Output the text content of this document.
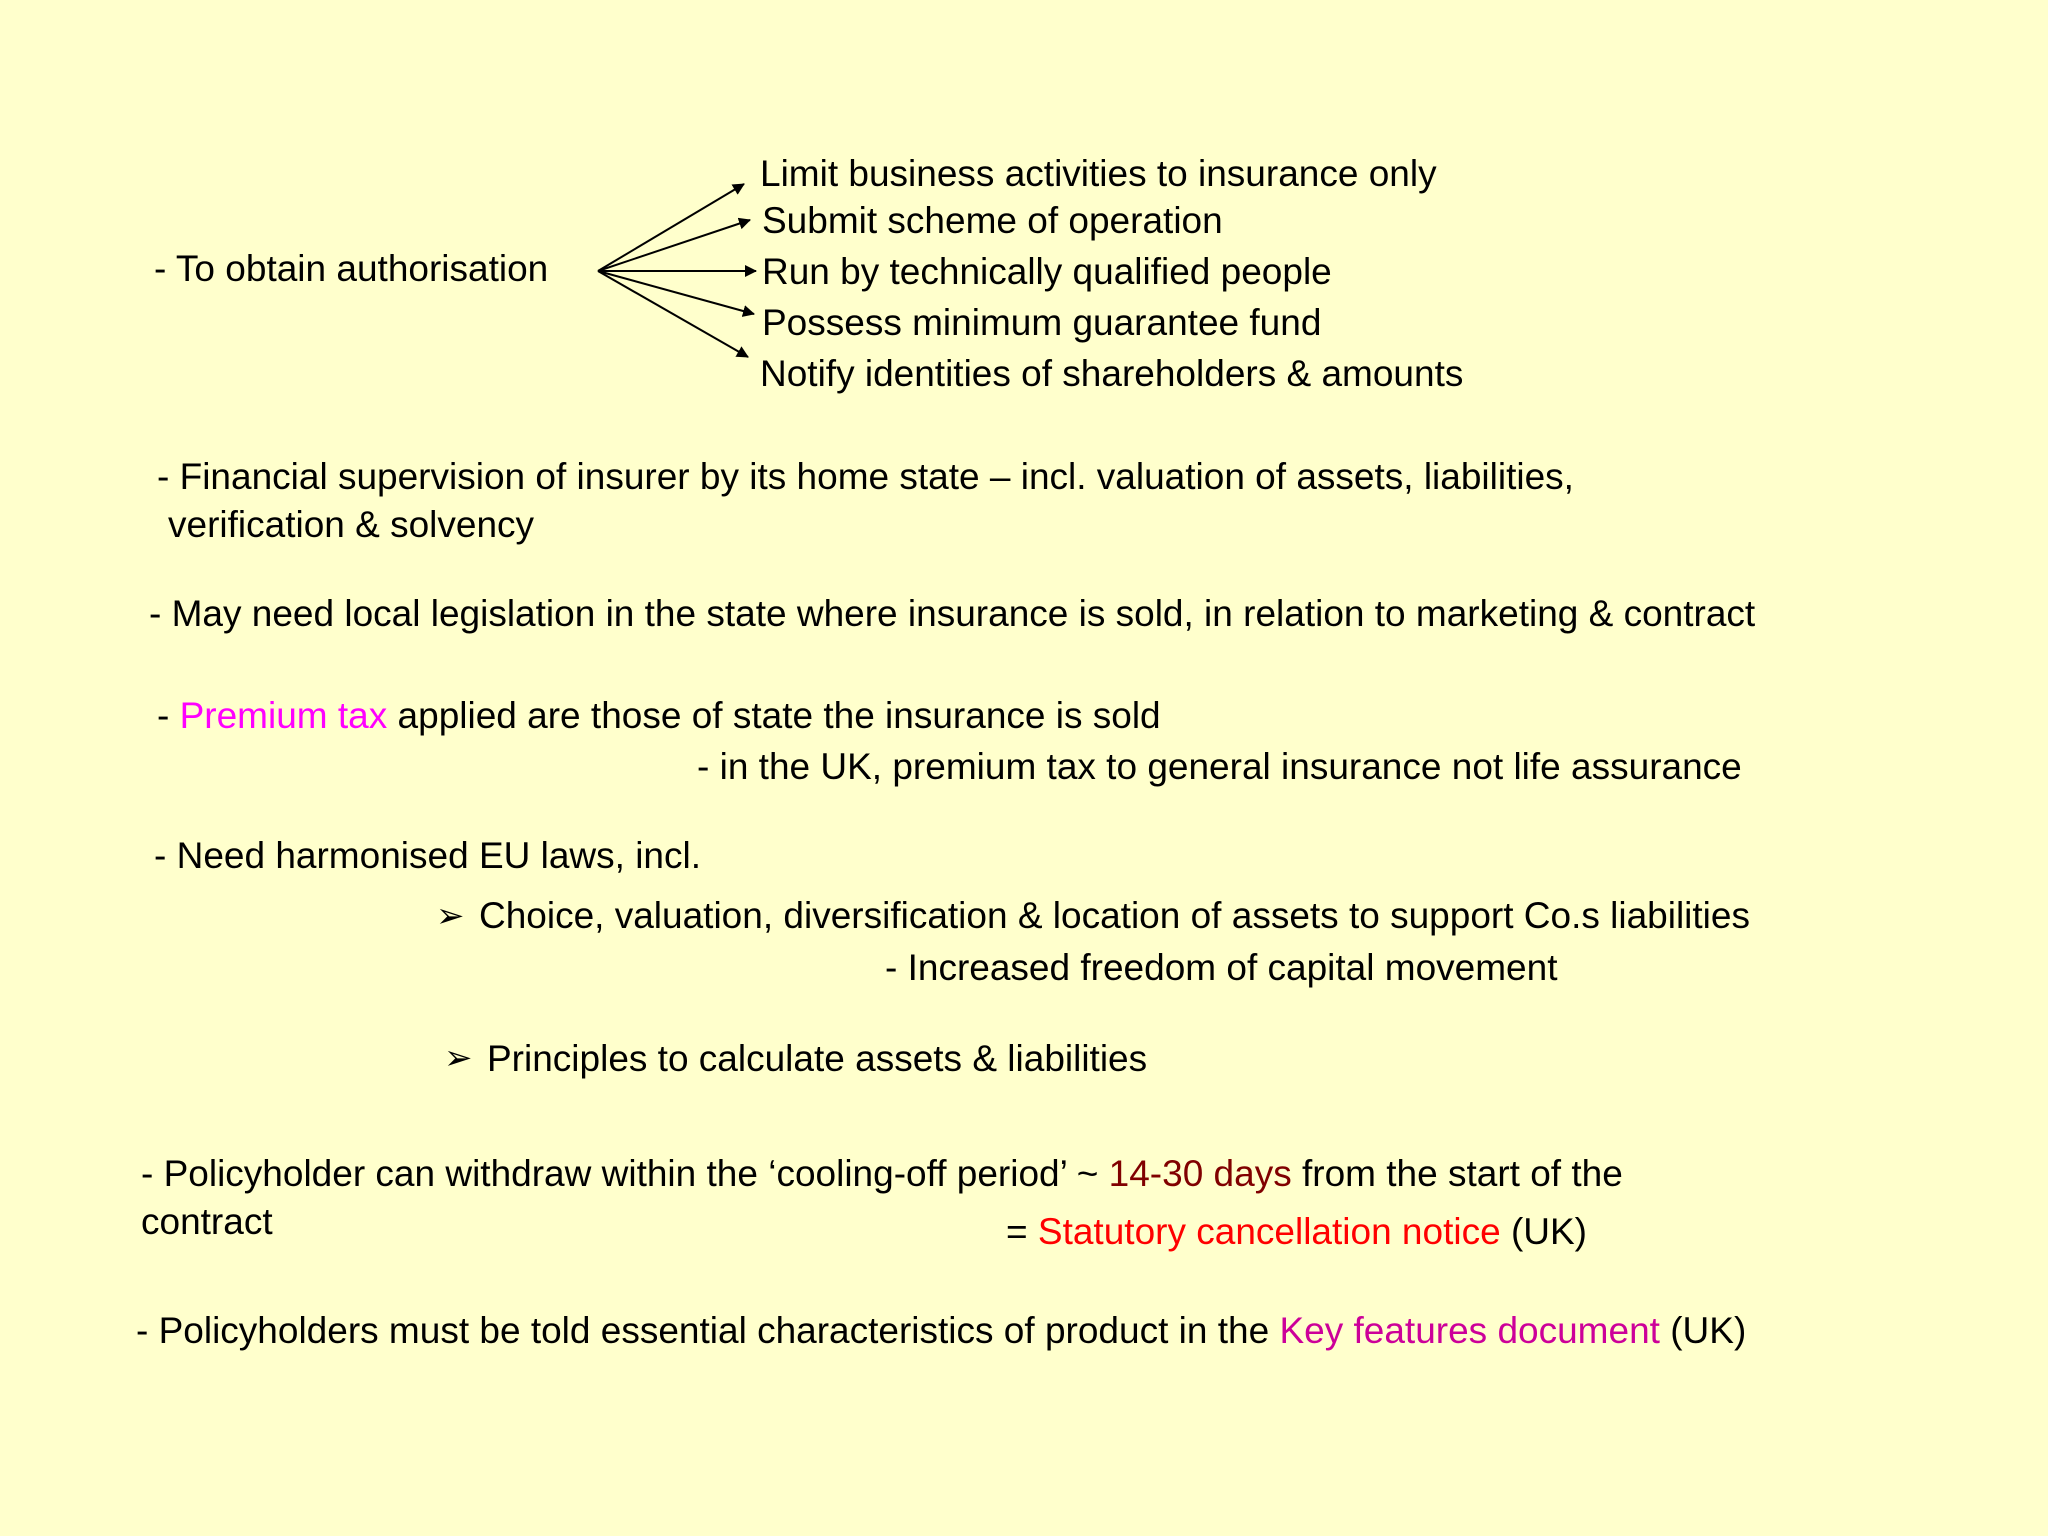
- To obtain authorisation
Limit business activities to insurance only
Submit scheme of operation
Run by technically qualified people
Possess minimum guarantee fund
Notify identities of shareholders & amounts
- Financial supervision of insurer by its home state – incl. valuation of assets, liabilities,
verification & solvency
- May need local legislation in the state where insurance is sold, in relation to marketing & contract
- Premium tax applied are those of state the insurance is sold
- in the UK, premium tax to general insurance not life assurance
- Need harmonised EU laws, incl.
➢ Choice, valuation, diversification & location of assets to support Co.s liabilities
- Increased freedom of capital movement
➢ Principles to calculate assets & liabilities
- Policyholder can withdraw within the ‘cooling-off period’ ~ 14-30 days from the start of the
contract	= Statutory cancellation notice (UK)
- Policyholders must be told essential characteristics of product in the Key features document (UK)
